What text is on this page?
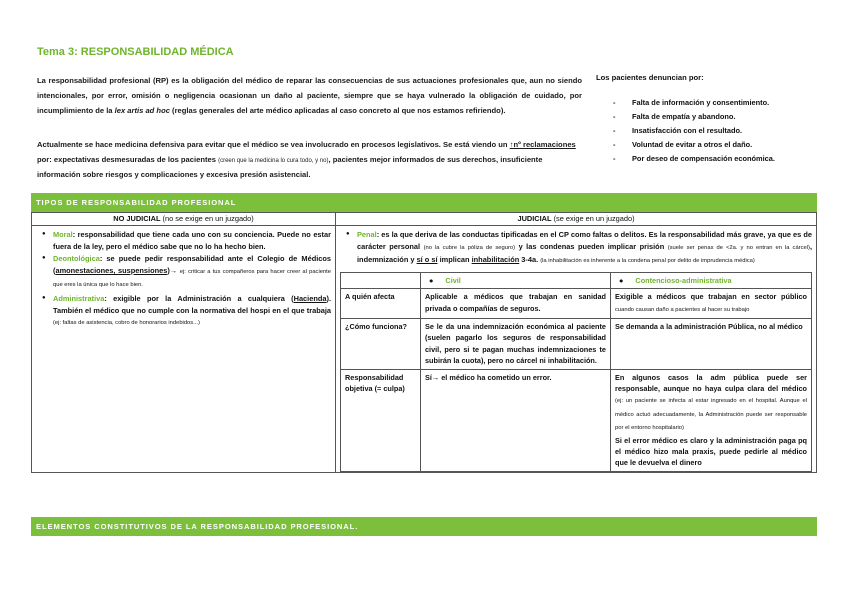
Tema 3: RESPONSABILIDAD MÉDICA
La responsabilidad profesional (RP) es la obligación del médico de reparar las consecuencias de sus actuaciones profesionales que, aun no siendo intencionales, por error, omisión o negligencia ocasionan un daño al paciente, siempre que se haya vulnerado la obligación de cuidado, por incumplimiento de la lex artis ad hoc (reglas generales del arte médico aplicadas al caso concreto al que nos estamos refiriendo).
Actualmente se hace medicina defensiva para evitar que el médico se vea involucrado en procesos legislativos. Se está viendo un ↑nº reclamaciones por: expectativas desmesuradas de los pacientes (creen que la medicina lo cura todo, y no), pacientes mejor informados de sus derechos, insuficiente información sobre riesgos y complicaciones y excesiva presión asistencial.
Los pacientes denuncian por:
- Falta de información y consentimiento.
- Falta de empatía y abandono.
- Insatisfacción con el resultado.
- Voluntad de evitar a otros el daño.
- Por deseo de compensación económica.
TIPOS DE RESPONSABILIDAD PROFESIONAL
NO JUDICIAL (no se exige en un juzgado)	JUDICIAL (se exige en un juzgado)

● Moral: responsabilidad que tiene cada uno con su conciencia. Puede no estar fuera de la ley, pero el médico sabe que no lo ha hecho bien.
● Deontológica: se puede pedir responsabilidad ante el Colegio de Médicos (amonestaciones, suspensiones)→ ej: criticar a tus compañeros para hacer creer al paciente que eres la única que lo hace bien.
● Administrativa: exigible por la Administración a cualquiera (Hacienda). También el médico que no cumple con la normativa del hospi en el que trabaja (ej: faltas de asistencia, cobro de honorarios indebidos...)

● Penal: es la que deriva de las conductas tipificadas en el CP como faltas o delitos. Es la responsabilidad más grave, ya que es de carácter personal (no la cubre la póliza de seguro) y las condenas pueden implicar prisión (suele ser penas de <2a. y no entran en la cárcel), indemnización y sí o sí implican inhabilitación 3-4a. (la inhabilitación es inherente a la condena penal por delito de imprudencia médica)
	● Civil	● Contencioso-administrativa
A quién afecta	Aplicable a médicos que trabajan en sanidad privada o compañías de seguros.	Exigible a médicos que trabajan en sector público cuando causan daño a pacientes al hacer su trabajo
¿Cómo funciona?	Se le da una indemnización económica al paciente (suelen pagarlo los seguros de responsabilidad civil, pero si te pagan muchas indemnizaciones te subirán la cuota), pero no cárcel ni inhabilitación.	Se demanda a la administración Pública, no al médico
Responsabilidad objetiva (= culpa)	Sí→ el médico ha cometido un error.	En algunos casos la adm pública puede ser responsable, aunque no haya culpa clara del médico (ej: un paciente se infecta al estar ingresado en el hospital. Aunque el médico actuó adecuadamente, la Administración puede ser responsable por el entorno hospitalario)
Si el error médico es claro y la administración paga pq el médico hizo mala praxis, puede pedirle al médico que le devuelva el dinero
ELEMENTOS CONSTITUTIVOS DE LA RESPONSABILIDAD PROFESIONAL.
